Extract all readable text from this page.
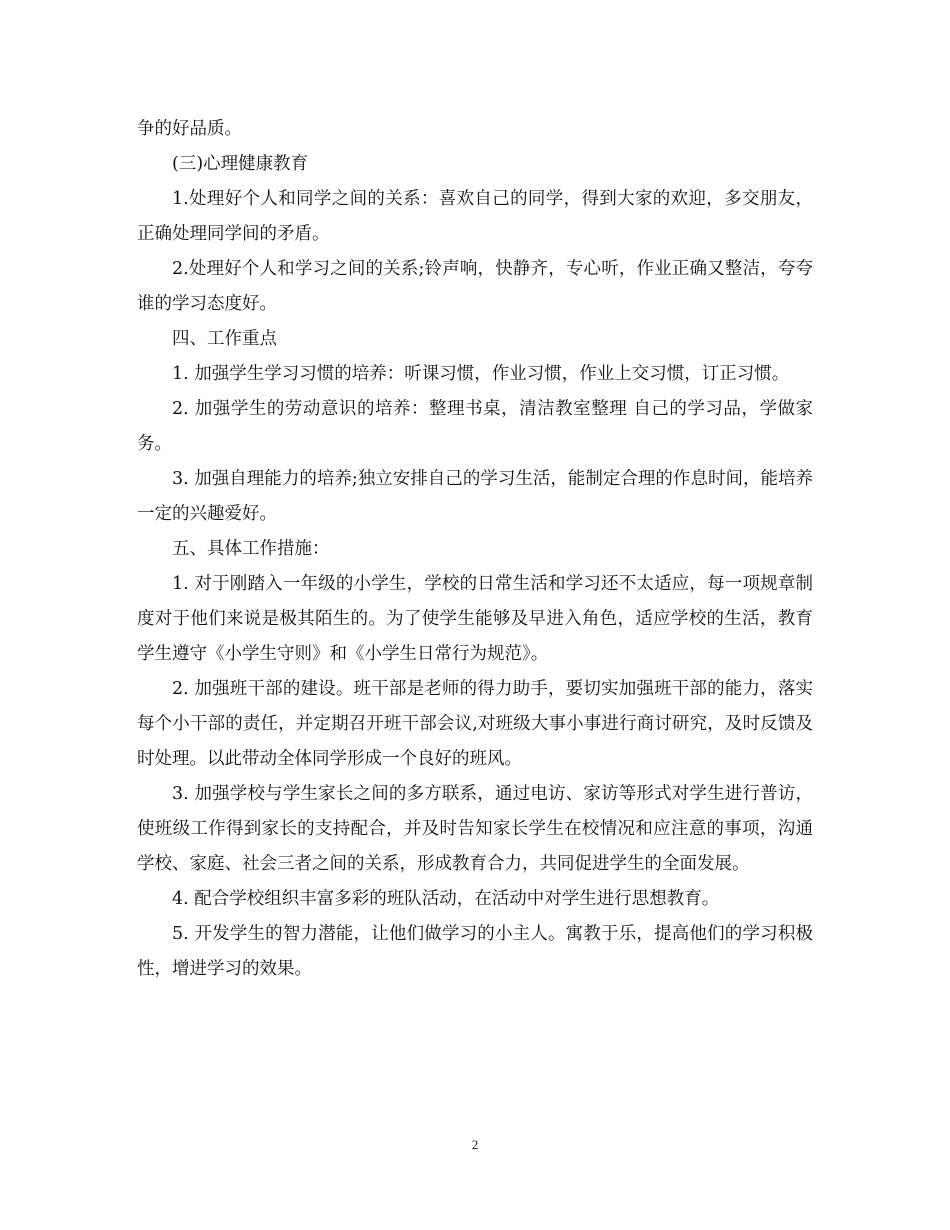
争的好品质。

(三)心理健康教育

1.处理好个人和同学之间的关系：喜欢自己的同学，得到大家的欢迎，多交朋友，正确处理同学间的矛盾。

2.处理好个人和学习之间的关系;铃声响，快静齐，专心听，作业正确又整洁，夸夸谁的学习态度好。

四、工作重点

1. 加强学生学习习惯的培养：听课习惯，作业习惯，作业上交习惯，订正习惯。

2. 加强学生的劳动意识的培养：整理书桌，清洁教室整理 自己的学习品，学做家务。

3. 加强自理能力的培养;独立安排自己的学习生活，能制定合理的作息时间，能培养一定的兴趣爱好。

五、具体工作措施：

1. 对于刚踏入一年级的小学生，学校的日常生活和学习还不太适应，每一项规章制度对于他们来说是极其陌生的。为了使学生能够及早进入角色，适应学校的生活，教育学生遵守《小学生守则》和《小学生日常行为规范》。

2. 加强班干部的建设。班干部是老师的得力助手，要切实加强班干部的能力，落实每个小干部的责任，并定期召开班干部会议,对班级大事小事进行商讨研究，及时反馈及时处理。以此带动全体同学形成一个良好的班风。

3. 加强学校与学生家长之间的多方联系，通过电访、家访等形式对学生进行普访，使班级工作得到家长的支持配合，并及时告知家长学生在校情况和应注意的事项，沟通学校、家庭、社会三者之间的关系，形成教育合力，共同促进学生的全面发展。

4. 配合学校组织丰富多彩的班队活动，在活动中对学生进行思想教育。

5. 开发学生的智力潜能，让他们做学习的小主人。寓教于乐，提高他们的学习积极性，增进学习的效果。

2
